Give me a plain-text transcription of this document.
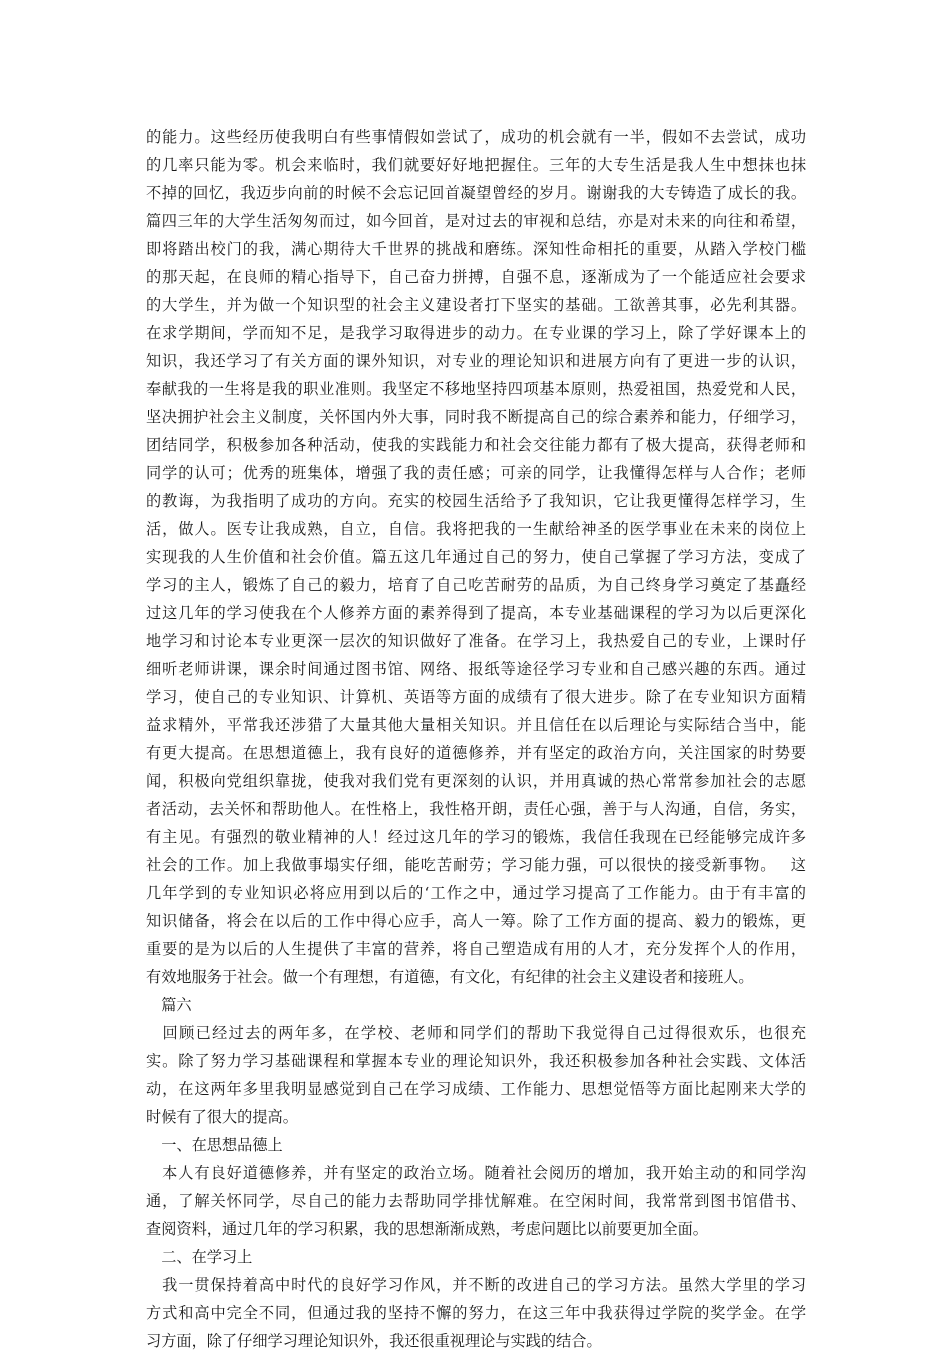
的能力。这些经历使我明白有些事情假如尝试了，成功的机会就有一半，假如不去尝试，成功
的几率只能为零。机会来临时，我们就要好好地把握住。三年的大专生活是我人生中想抹也抹
不掉的回忆，我迈步向前的时候不会忘记回首凝望曾经的岁月。谢谢我的大专铸造了成长的我。
篇四三年的大学生活匆匆而过，如今回首，是对过去的审视和总结，亦是对未来的向往和希望，
即将踏出校门的我，满心期待大千世界的挑战和磨练。深知性命相托的重要，从踏入学校门槛
的那天起，在良师的精心指导下，自己奋力拼搏，自强不息，逐渐成为了一个能适应社会要求
的大学生，并为做一个知识型的社会主义建设者打下坚实的基础。工欲善其事，必先利其器。
在求学期间，学而知不足，是我学习取得进步的动力。在专业课的学习上，除了学好课本上的
知识，我还学习了有关方面的课外知识，对专业的理论知识和进展方向有了更进一步的认识，
奉献我的一生将是我的职业准则。我坚定不移地坚持四项基本原则，热爱祖国，热爱党和人民，
坚决拥护社会主义制度，关怀国内外大事，同时我不断提高自己的综合素养和能力，仔细学习，
团结同学，积极参加各种活动，使我的实践能力和社会交往能力都有了极大提高，获得老师和
同学的认可；优秀的班集体，增强了我的责任感；可亲的同学，让我懂得怎样与人合作；老师
的教诲，为我指明了成功的方向。充实的校园生活给予了我知识，它让我更懂得怎样学习，生
活，做人。医专让我成熟，自立，自信。我将把我的一生献给神圣的医学事业在未来的岗位上
实现我的人生价值和社会价值。篇五这几年通过自己的努力，使自己掌握了学习方法，变成了
学习的主人，锻炼了自己的毅力，培育了自己吃苦耐劳的品质，为自己终身学习奠定了基矗经
过这几年的学习使我在个人修养方面的素养得到了提高，本专业基础课程的学习为以后更深化
地学习和讨论本专业更深一层次的知识做好了准备。在学习上，我热爱自己的专业，上课时仔
细听老师讲课，课余时间通过图书馆、网络、报纸等途径学习专业和自己感兴趣的东西。通过
学习，使自己的专业知识、计算机、英语等方面的成绩有了很大进步。除了在专业知识方面精
益求精外，平常我还涉猎了大量其他大量相关知识。并且信任在以后理论与实际结合当中，能
有更大提高。在思想道德上，我有良好的道德修养，并有坚定的政治方向，关注国家的时势要
闻，积极向党组织靠拢，使我对我们党有更深刻的认识，并用真诚的热心常常参加社会的志愿
者活动，去关怀和帮助他人。在性格上，我性格开朗，责任心强，善于与人沟通，自信，务实，
有主见。有强烈的敬业精神的人！经过这几年的学习的锻炼，我信任我现在已经能够完成许多
社会的工作。加上我做事塌实仔细，能吃苦耐劳；学习能力强，可以很快的接受新事物。　 这
几年学到的专业知识必将应用到以后的‘工作之中，通过学习提高了工作能力。由于有丰富的
知识储备，将会在以后的工作中得心应手，高人一筹。除了工作方面的提高、毅力的锻炼，更
重要的是为以后的人生提供了丰富的营养，将自己塑造成有用的人才，充分发挥个人的作用，
有效地服务于社会。做一个有理想，有道德，有文化，有纪律的社会主义建设者和接班人。
　篇六
　回顾已经过去的两年多，在学校、老师和同学们的帮助下我觉得自己过得很欢乐，也很充
实。除了努力学习基础课程和掌握本专业的理论知识外，我还积极参加各种社会实践、文体活
动，在这两年多里我明显感觉到自己在学习成绩、工作能力、思想觉悟等方面比起刚来大学的
时候有了很大的提高。
　一、在思想品德上
　本人有良好道德修养，并有坚定的政治立场。随着社会阅历的增加，我开始主动的和同学沟
通，了解关怀同学，尽自己的能力去帮助同学排忧解难。在空闲时间，我常常到图书馆借书、
查阅资料，通过几年的学习积累，我的思想渐渐成熟，考虑问题比以前要更加全面。
　二、在学习上
　我一贯保持着高中时代的良好学习作风，并不断的改进自己的学习方法。虽然大学里的学习
方式和高中完全不同，但通过我的坚持不懈的努力，在这三年中我获得过学院的奖学金。在学
习方面，除了仔细学习理论知识外，我还很重视理论与实践的结合。
